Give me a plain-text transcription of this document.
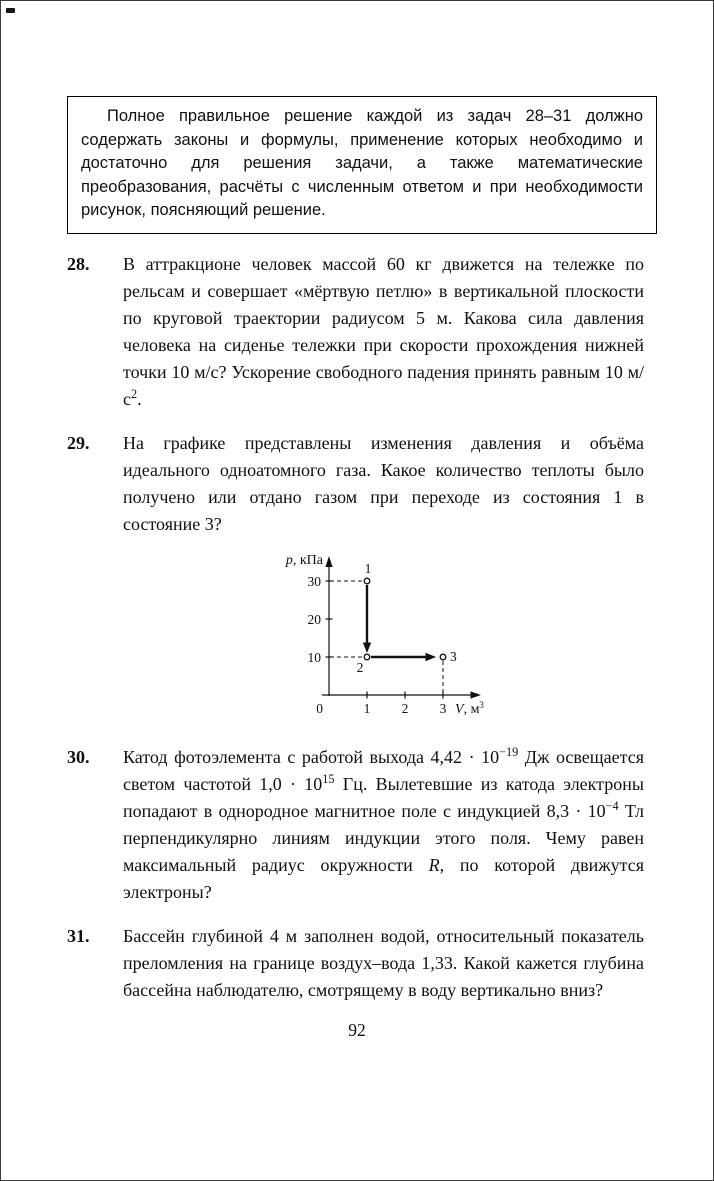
Полное правильное решение каждой из задач 28–31 должно содержать законы и формулы, применение которых необходимо и достаточно для решения задачи, а также математические преобразования, расчёты с численным ответом и при необходимости рисунок, поясняющий решение.

28. В аттракционе человек массой 60 кг движется на тележке по рельсам и совершает «мёртвую петлю» в вертикальной плоскости по круговой траектории радиусом 5 м. Какова сила давления человека на сиденье тележки при скорости прохождения нижней точки 10 м/с? Ускорение свободного падения принять равным 10 $м/с^2$.

29. На графике представлены изменения давления и объёма идеального одноатомного газа. Какое количество теплоты было получено или отдано газом при переходе из состояния 1 в состояние 3?

p, кПа
30
20
10
0	1 2 3 V, $м^3$
1
2
3
30. Катод фотоэлемента с работой выхода $4,42 \cdot 10^{-19}$ Дж освещается светом частотой $1,0 \cdot 10^{15}$ Гц. Вылетевшие из катода электроны попадают в однородное магнитное поле с индукцией $8,3 \cdot 10^{-4}$ Тл перпендикулярно линиям индукции этого поля. Чему равен максимальный радиус окружности R, по которой движутся электроны?

31. Бассейн глубиной 4 м заполнен водой, относительный показатель преломления на границе воздух–вода 1,33. Какой кажется глубина бассейна наблюдателю, смотрящему в воду вертикально вниз?

92
